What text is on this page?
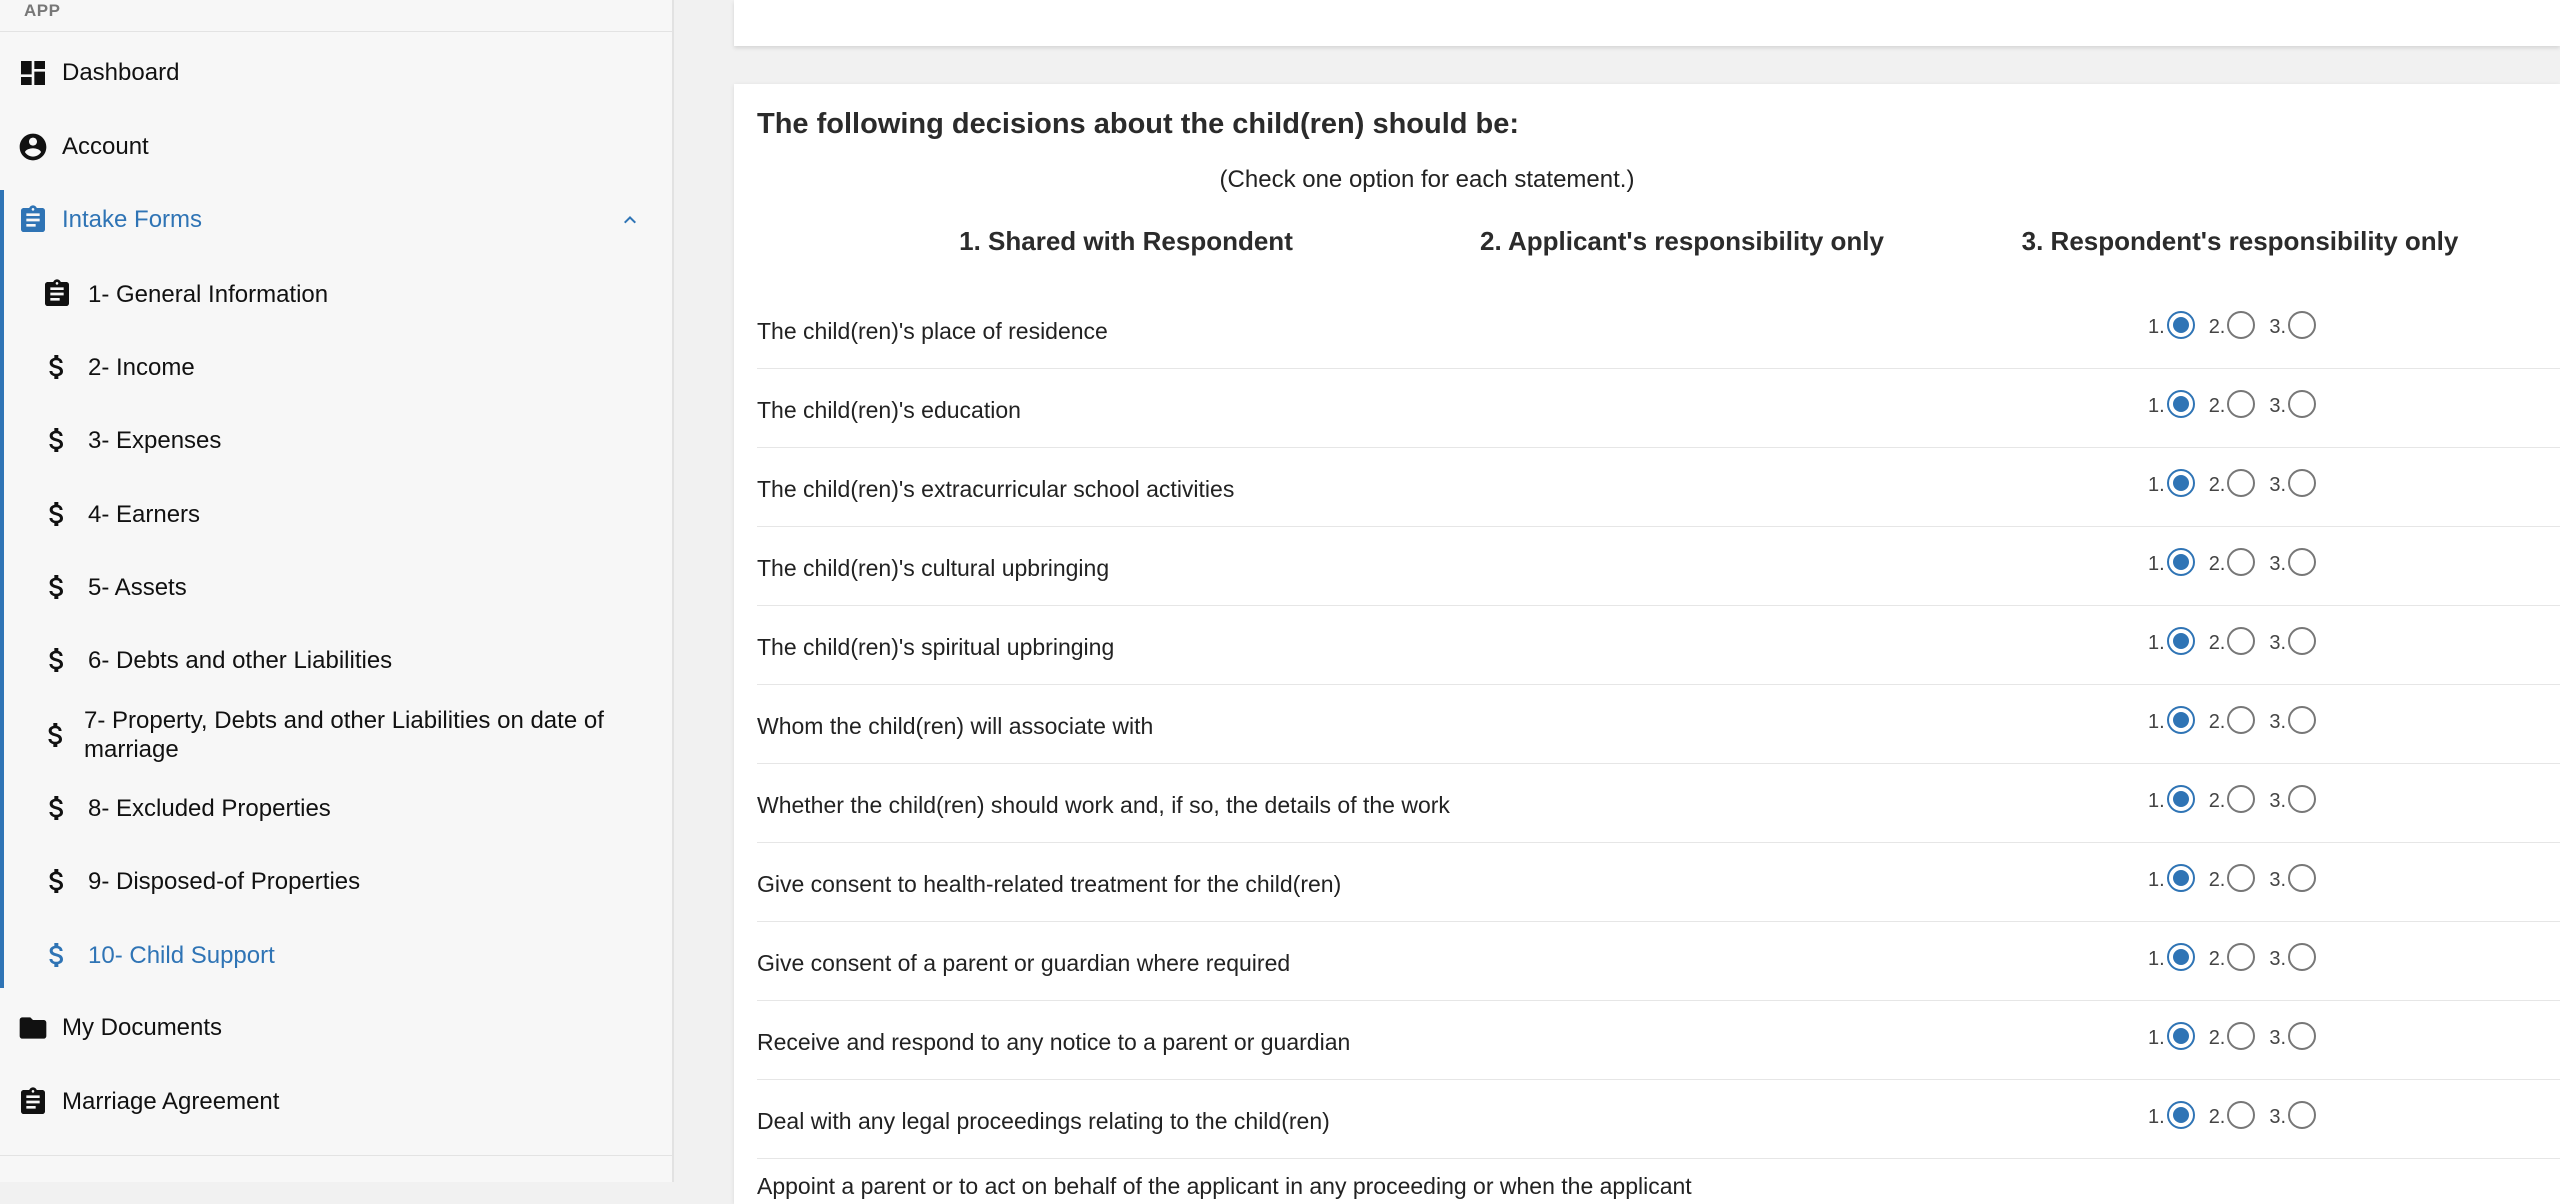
APP
Dashboard
Account
Intake Forms
1- General Information
2- Income
3- Expenses
4- Earners
5- Assets
6- Debts and other Liabilities
7- Property, Debts and other Liabilities on date of marriage
8- Excluded Properties
9- Disposed-of Properties
10- Child Support
My Documents
Marriage Agreement
The following decisions about the child(ren) should be:
(Check one option for each statement.)
1. Shared with Respondent	2. Applicant's responsibility only	3. Respondent's responsibility only
The child(ren)'s place of residence	1. 2. 3.
The child(ren)'s education	1. 2. 3.
The child(ren)'s extracurricular school activities	1. 2. 3.
The child(ren)'s cultural upbringing	1. 2. 3.
The child(ren)'s spiritual upbringing	1. 2. 3.
Whom the child(ren) will associate with	1. 2. 3.
Whether the child(ren) should work and, if so, the details of the work	1. 2. 3.
Give consent to health-related treatment for the child(ren)	1. 2. 3.
Give consent of a parent or guardian where required	1. 2. 3.
Receive and respond to any notice to a parent or guardian	1. 2. 3.
Deal with any legal proceedings relating to the child(ren)	1. 2. 3.
Appoint a parent or to act on behalf of the applicant in any proceeding or when the applicant
